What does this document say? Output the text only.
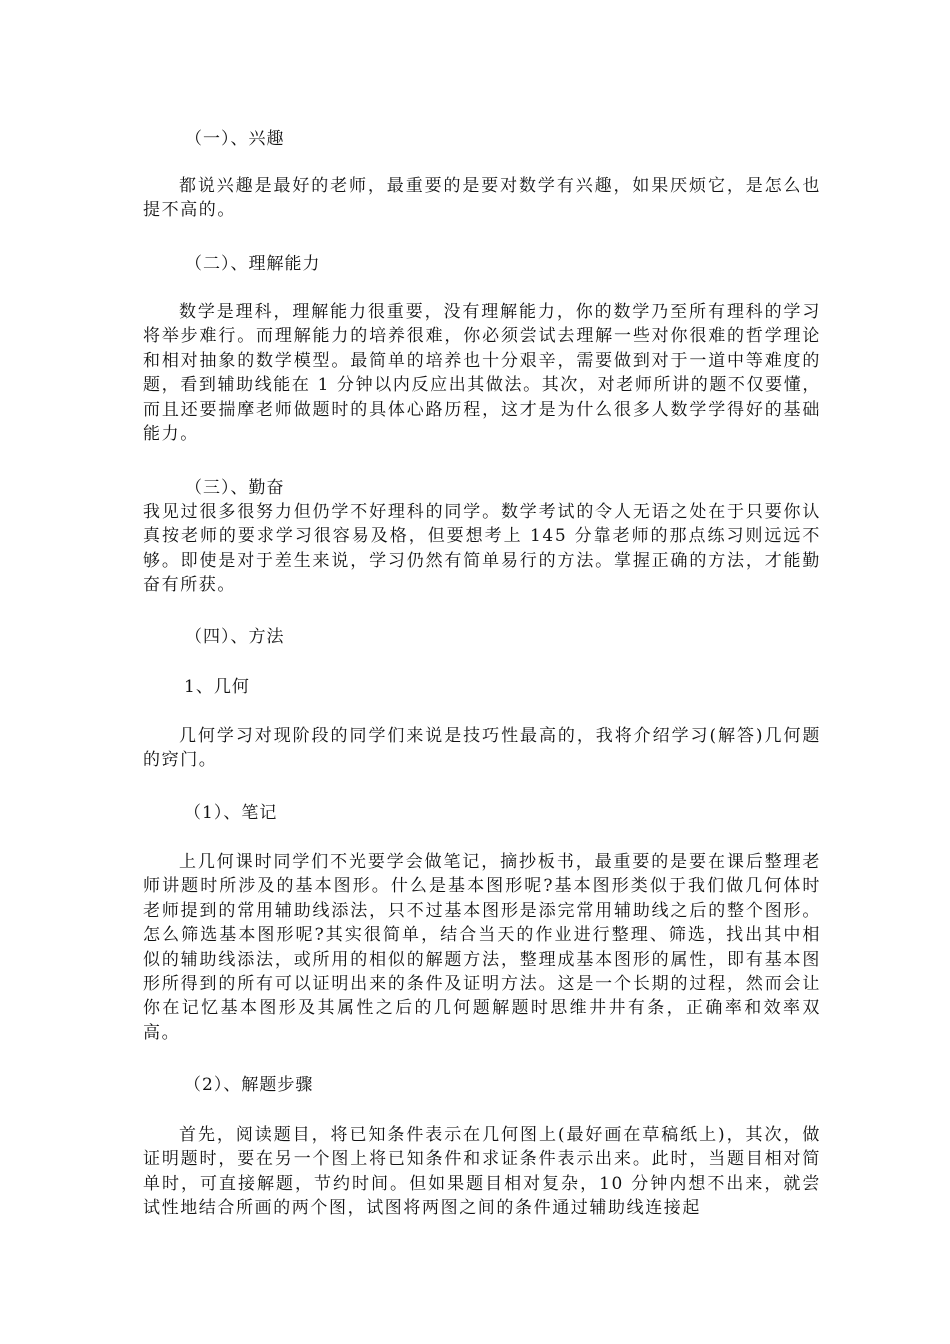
（一）、兴趣
都说兴趣是最好的老师，最重要的是要对数学有兴趣，如果厌烦它，是怎么也提不高的。
（二）、理解能力
数学是理科，理解能力很重要，没有理解能力，你的数学乃至所有理科的学习将举步难行。而理解能力的培养很难，你必须尝试去理解一些对你很难的哲学理论和相对抽象的数学模型。最简单的培养也十分艰辛，需要做到对于一道中等难度的题，看到辅助线能在 1 分钟以内反应出其做法。其次，对老师所讲的题不仅要懂，而且还要揣摩老师做题时的具体心路历程，这才是为什么很多人数学学得好的基础能力。
（三）、勤奋
我见过很多很努力但仍学不好理科的同学。数学考试的令人无语之处在于只要你认真按老师的要求学习很容易及格，但要想考上 145 分靠老师的那点练习则远远不够。即使是对于差生来说，学习仍然有简单易行的方法。掌握正确的方法，才能勤奋有所获。
（四）、方法
1、几何
几何学习对现阶段的同学们来说是技巧性最高的，我将介绍学习(解答)几何题的窍门。
（1）、笔记
上几何课时同学们不光要学会做笔记，摘抄板书，最重要的是要在课后整理老师讲题时所涉及的基本图形。什么是基本图形呢?基本图形类似于我们做几何体时老师提到的常用辅助线添法，只不过基本图形是添完常用辅助线之后的整个图形。怎么筛选基本图形呢?其实很简单，结合当天的作业进行整理、筛选，找出其中相似的辅助线添法，或所用的相似的解题方法，整理成基本图形的属性，即有基本图形所得到的所有可以证明出来的条件及证明方法。这是一个长期的过程，然而会让你在记忆基本图形及其属性之后的几何题解题时思维井井有条，正确率和效率双高。
（2）、解题步骤
首先，阅读题目，将已知条件表示在几何图上(最好画在草稿纸上)，其次，做证明题时，要在另一个图上将已知条件和求证条件表示出来。此时，当题目相对简单时，可直接解题，节约时间。但如果题目相对复杂，10 分钟内想不出来，就尝试性地结合所画的两个图，试图将两图之间的条件通过辅助线连接起
